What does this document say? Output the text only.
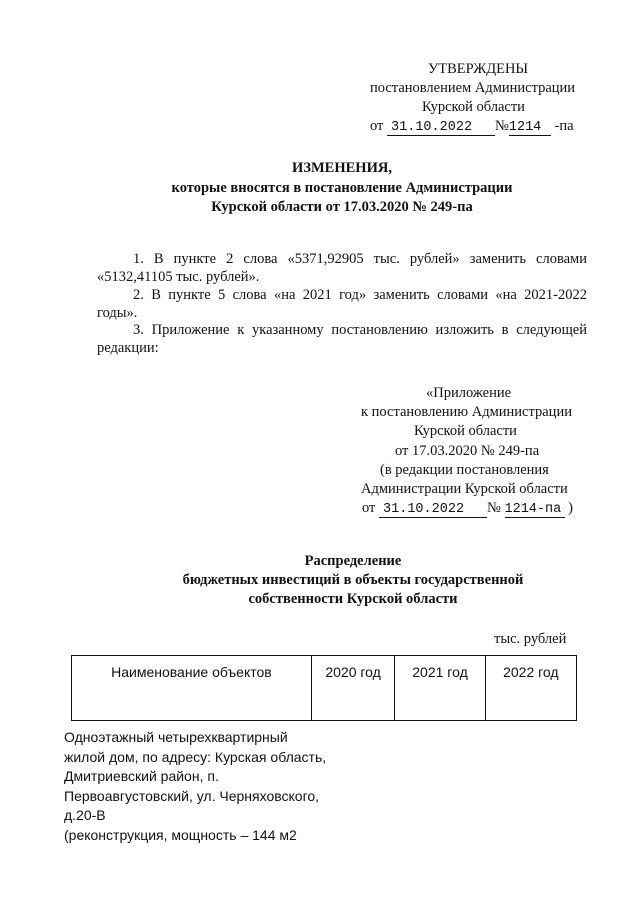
УТВЕРЖДЕНЫ
постановлением Администрации
Курской области
от 31.10.2022 №1214 -па
ИЗМЕНЕНИЯ,
которые вносятся в постановление Администрации
Курской области от 17.03.2020 № 249-па
1. В пункте 2 слова «5371,92905 тыс. рублей» заменить словами «5132,41105 тыс. рублей».
2. В пункте 5 слова «на 2021 год» заменить словами «на 2021-2022 годы».
3. Приложение к указанному постановлению изложить в следующей редакции:
«Приложение
к постановлению Администрации
Курской области
от 17.03.2020 № 249-па
(в редакции постановления
Администрации Курской области
от 31.10.2022 № 1214-па )
Распределение
бюджетных инвестиций в объекты государственной
собственности Курской области
тыс. рублей
Наименование объектов	2020 год	2021 год	2022 год
Одноэтажный четырехквартирный
жилой дом, по адресу: Курская область,
Дмитриевский район, п.
Первоавгустовский, ул. Черняховского,
д.20-В
(реконструкция, мощность – 144 м2
